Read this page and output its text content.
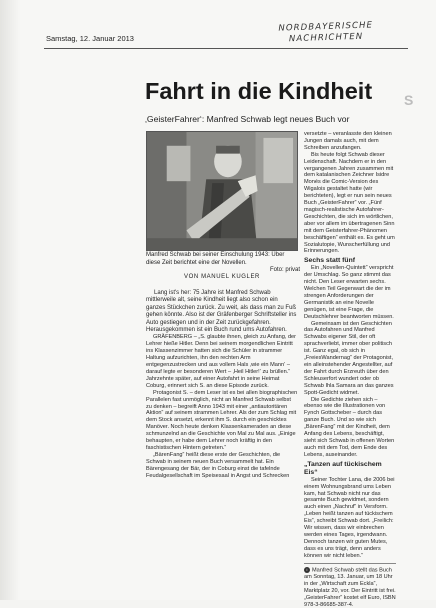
Samstag, 12. Januar 2013
NORDBAYERISCHE
NACHRICHTEN
Fahrt in die Kindheit S
‚GeisterFahrer‘: Manfred Schwab legt neues Buch vor
Manfred Schwab bei seiner Einschulung 1943: Über diese Zeit berichtet eine der Novellen.
Foto: privat
VON MANUEL KUGLER

Lang ist's her: 75 Jahre ist Manfred Schwab mittlerweile alt, seine Kindheit liegt also schon ein ganzes Stückchen zurück. Zu weit, als dass man zu Fuß gehen könnte. Also ist der Gräfenberger Schriftsteller ins Auto gestiegen und in der Zeit zurückgefahren. Herausgekommen ist ein Buch rund ums Autofahren.

GRÄFENBERG – „S. glaubte ihnen, gleich zu Anfang, der Lehrer hieße Hitler. Denn bei seinem morgendlichen Eintritt ins Klassenzimmer hatten sich die Schüler in strammer Haltung aufzurichten, ihn den rechten Arm entgegenzustrecken und aus vollem Hals ‚wie ein Mann‘ – darauf legte er besonderen Wert – ‚Heil Hitler!‘ zu brüllen.“ Jahrzehnte später, auf einer Autofahrt in seine Heimat Coburg, erinnert sich S. an diese Episode zurück.

Protagonist S. – dem Leser ist es bei allen biographischen Parallelen fast unmöglich, nicht an Manfred Schwab selbst zu denken – begreift Anno 1943 mit einer „antiautoritären Aktion“ auf seinem strammen Lehrer. Als der zum Schlag mit dem Stock ansetzt, erkennt ihm S. durch ein geschicktes Manöver. Noch heute denken Klassenkameraden an diese schmunzelnd an die Geschichte von Mal zu Mal aus. „Einige behaupten, er habe dem Lehrer noch kräftig in den faschistischen Hintern getreten.“

„BärenFang“ heißt diese erste der Geschichten, die Schwab in seinem neuen Buch versammelt hat. Ein Bärengesang der Bär, der in Coburg einst die tafelnde Feudalgesellschaft im Speisesaal in Angst und Schrecken

versetzte – veranlasste den kleinen Jungen damals auch, mit dem Schreiben anzufangen.

Bis heute folgt Schwab dieser Leidenschaft. Nachdem er in den vergangenen Jahren zusammen mit dem katalanischen Zeichner Isidre Monés die Comic-Version des Wigalois gestaltet hatte (wir berichteten), legt er nun sein neues Buch „GeisterFahrer“ vor. „Fünf magisch-realistische Autofahrer-Geschichten, die sich im wörtlichen, aber vor allem im übertragenen Sinn mit dem Geisterfahrer-Phänomen beschäftigen“ enthält es. Es geht um Sozialutopie, Wunscherfüllung und Erinnerungen.

Sechs statt fünf

Ein „Novellen-Quintett“ verspricht der Umschlag. So ganz stimmt das nicht. Den Leser erwarten sechs. Welchen Teil Gegenwart die der im strengen Anforderungen der Germanistik an eine Novelle genügen, ist eine Frage, die Deutschlehrer beantworten müssen.

Gemeinsam ist den Geschichten das Autofahren und Manfred Schwabs eigener Stil, der oft sprachverliebt, immer ober politisch ist. Ganz egal, ob sich in „FreiesWandernag“ der Protagonist, ein alleinstehender Angestellter, auf der Fahrt durch Erzreuth über den Schleuserfort wundert oder ob Schwab Ihla Samara an das ganzes Spott-Gedicht widmet.

Die Gedichte ziehen sich – ebenso wie die Illustrationen von Fynch Gottscheber – durch das ganze Buch. Und so wie sich „BärenFang“ mit der Kindheit, dem Anfang des Lebens, beschäftigt, sieht sich Schwab in offenen Worten auch mit dem Tod, dem Ende des Lebens, auseinander.

„Tanzen auf tückischem Eis“

Seiner Tochter Lana, die 2006 bei einem Wohnungsbrand ums Leben kam, hat Schwab nicht nur das gesamte Buch gewidmet, sondern auch einen „Nachruf“ in Versform. „Leben heißt tanzen auf tückischem Eis“, schreibt Schwab dort. „Freilich: Wir wissen, dass wir einbrechen werden eines Tages, irgendwann. Dennoch tanzen wir guten Mutes, dass es uns trägt, denn anders können wir nicht leben.“

i Manfred Schwab stellt das Buch am Sonntag, 13. Januar, um 18 Uhr in der „Wirtschaft zum Eckla“, Marktplatz 20, vor. Der Eintritt ist frei. „GeisterFahrer“ kostet elf Euro, ISBN 978-3-86685-387-4.
